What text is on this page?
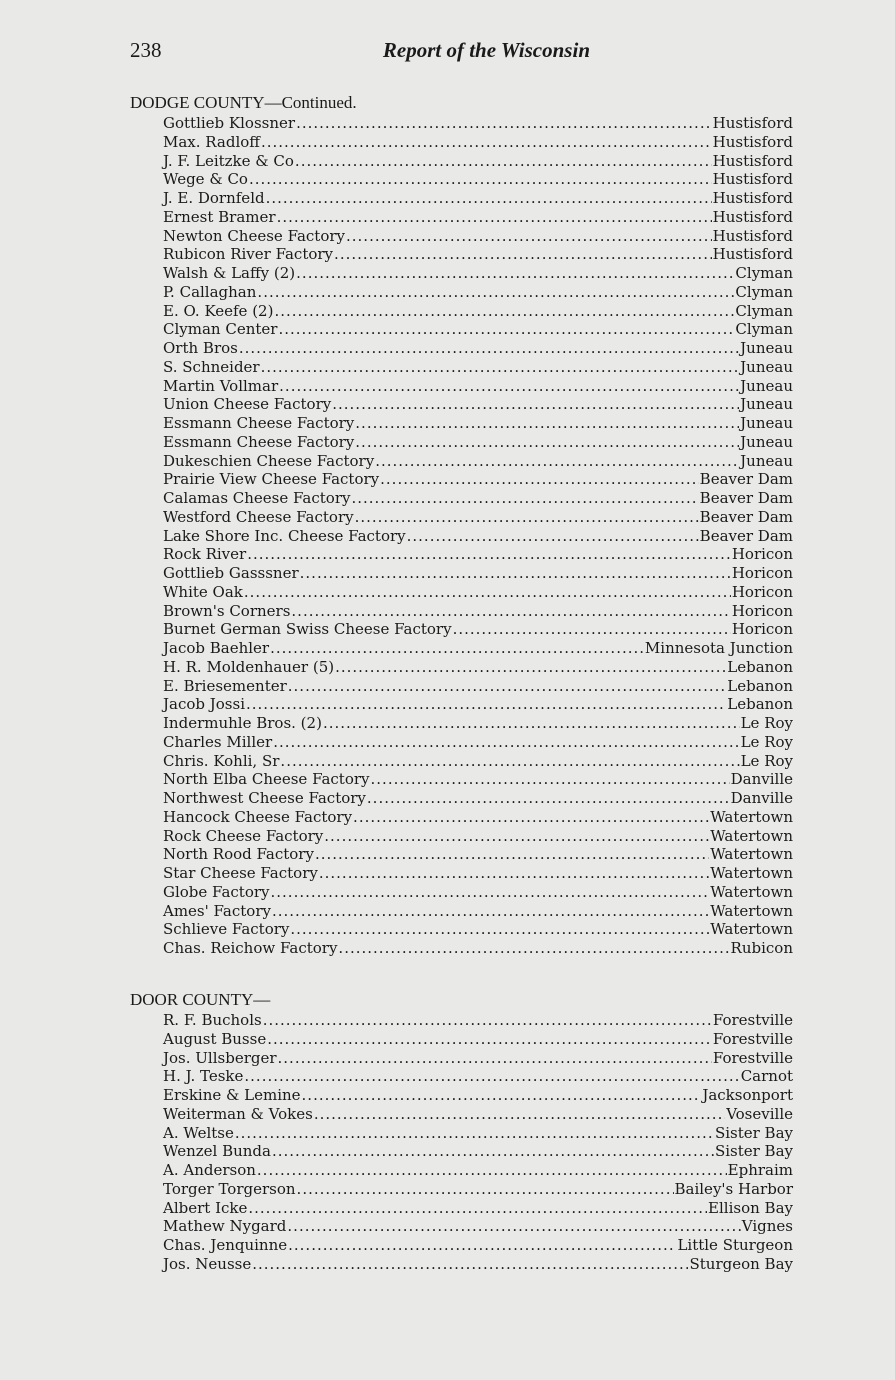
238	Report of the Wisconsin
DODGE COUNTY—Continued.
Gottlieb Klossner .....	Hustisford
Max. Radloff .....	Hustisford
J. F. Leitzke & Co .....	Hustisford
Wege & Co .....	Hustisford
J. E. Dornfeld .....	Hustisford
Ernest Bramer .....	Hustisford
Newton Cheese Factory .....	Hustisford
Rubicon River Factory .....	Hustisford
Walsh & Laffy (2) .....	Clyman
P. Callaghan .....	Clyman
E. O. Keefe (2) .....	Clyman
Clyman Center .....	Clyman
Orth Bros .....	Juneau
S. Schneider .....	Juneau
Martin Vollmar .....	Juneau
Union Cheese Factory .....	Juneau
Essmann Cheese Factory .....	Juneau
Essmann Cheese Factory .....	Juneau
Dukeschien Cheese Factory .....	Juneau
Prairie View Cheese Factory .....	Beaver Dam
Calamas Cheese Factory .....	Beaver Dam
Westford Cheese Factory .....	Beaver Dam
Lake Shore Inc. Cheese Factory .....	Beaver Dam
Rock River .....	Horicon
Gottlieb Gasssner .....	Horicon
White Oak .....	Horicon
Brown's Corners .....	Horicon
Burnet German Swiss Cheese Factory .....	Horicon
Jacob Baehler .....	Minnesota Junction
H. R. Moldenhauer (5) .....	Lebanon
E. Briesementer .....	Lebanon
Jacob Jossi .....	Lebanon
Indermuhle Bros. (2) .....	Le Roy
Charles Miller .....	Le Roy
Chris. Kohli, Sr .....	Le Roy
North Elba Cheese Factory .....	Danville
Northwest Cheese Factory .....	Danville
Hancock Cheese Factory .....	Watertown
Rock Cheese Factory .....	Watertown
North Rood Factory .....	Watertown
Star Cheese Factory .....	Watertown
Globe Factory .....	Watertown
Ames' Factory .....	Watertown
Schlieve Factory .....	Watertown
Chas. Reichow Factory .....	Rubicon
DOOR COUNTY—
R. F. Buchols .....	Forestville
August Busse .....	Forestville
Jos. Ullsberger .....	Forestville
H. J. Teske .....	Carnot
Erskine & Lemine .....	Jacksonport
Weiterman & Vokes .....	Voseville
A. Weltse .....	Sister Bay
Wenzel Bunda .....	Sister Bay
A. Anderson .....	Ephraim
Torger Torgerson .....	Bailey's Harbor
Albert Icke .....	Ellison Bay
Mathew Nygard .....	Vignes
Chas. Jenquinne .....	Little Sturgeon
Jos. Neusse .....	Sturgeon Bay
